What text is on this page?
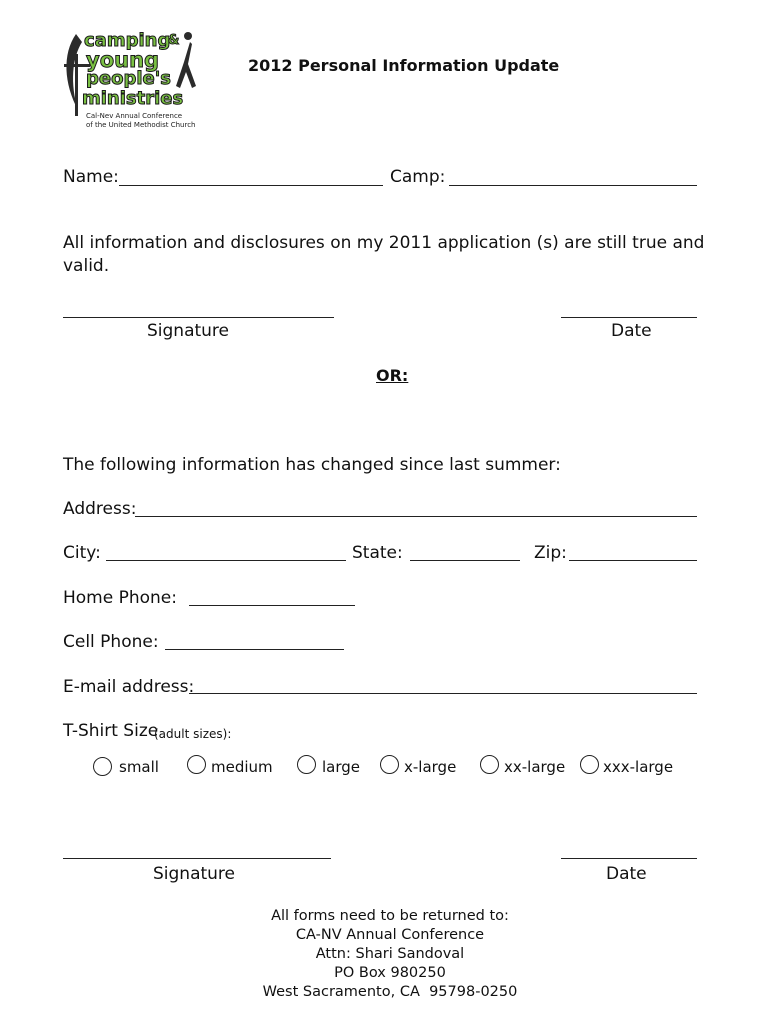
camping
&
young
people's
ministries
Cal-Nev Annual Conference
of the United Methodist Church
2012 Personal Information Update
Name:	Camp:
All information and disclosures on my 2011 application (s) are still true and
valid.
Signature	Date
OR:
The following information has changed since last summer:
Address:
City:	State:	Zip:
Home Phone:
Cell Phone:
E-mail address:
T-Shirt Size
(adult sizes):
small	medium	large	x-large	xx-large	xxx-large
Signature	Date
All forms need to be returned to:
CA-NV Annual Conference
Attn: Shari Sandoval
PO Box 980250
West Sacramento, CA  95798-0250
